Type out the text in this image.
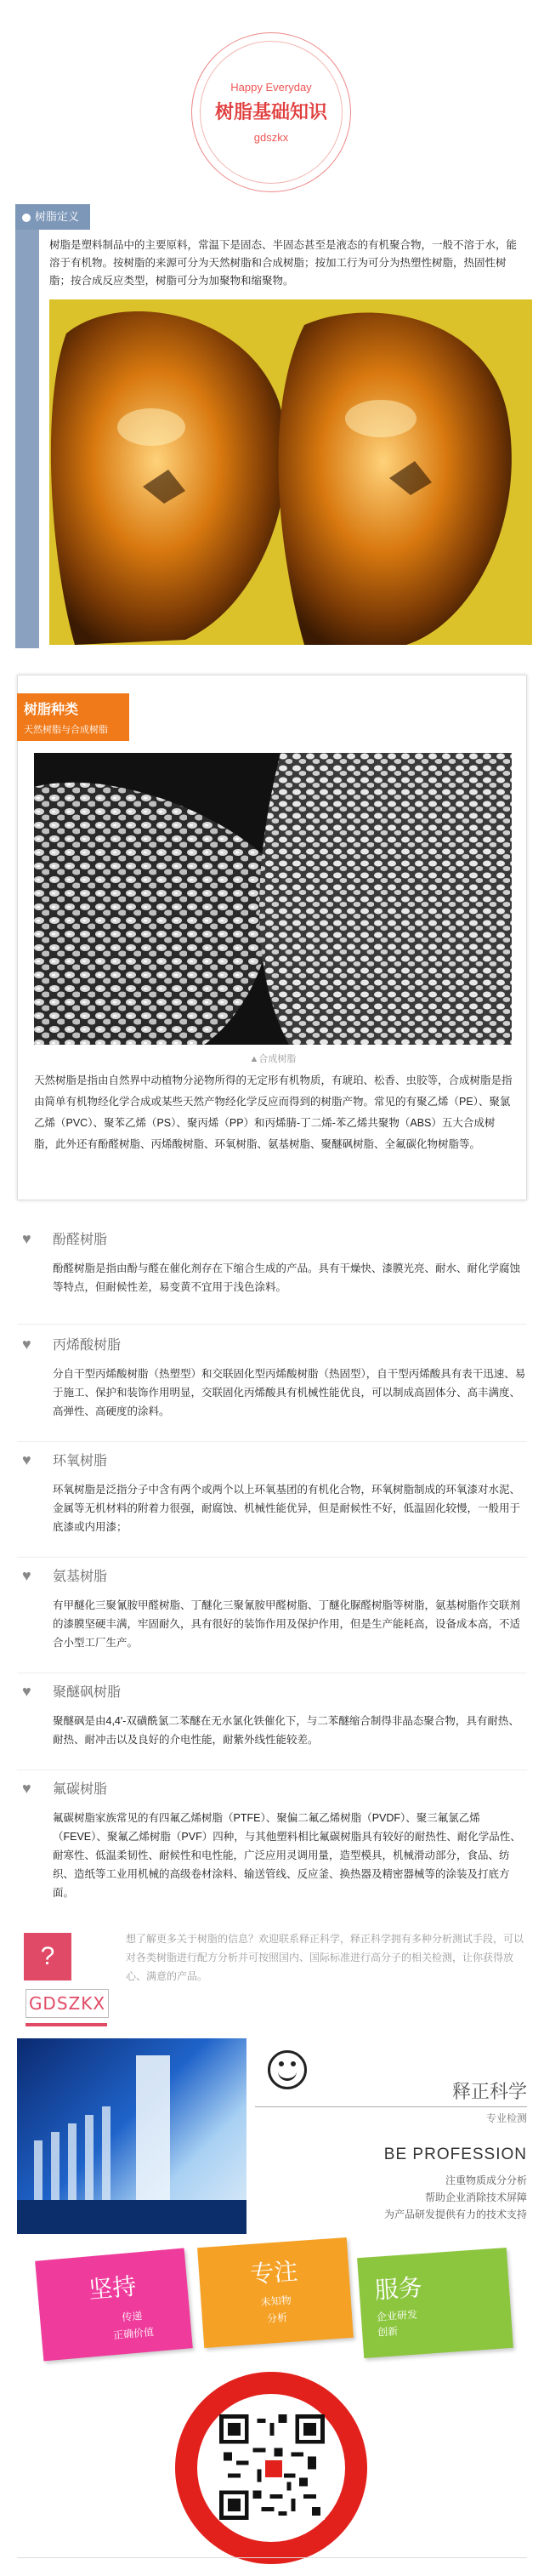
Happy Everyday
树脂基础知识
gdszkx
树脂定义
树脂是塑料制品中的主要原料，常温下是固态、半固态甚至是液态的有机聚合物，一般不溶于水，能溶于有机物。按树脂的来源可分为天然树脂和合成树脂；按加工行为可分为热塑性树脂，热固性树脂；按合成反应类型，树脂可分为加聚物和缩聚物。
树脂种类
天然树脂与合成树脂
▲合成树脂
天然树脂是指由自然界中动植物分泌物所得的无定形有机物质，有琥珀、松香、虫胶等，合成树脂是指由简单有机物经化学合成或某些天然产物经化学反应而得到的树脂产物。常见的有聚乙烯（PE）、聚氯乙烯（PVC）、聚苯乙烯（PS）、聚丙烯（PP）和丙烯腈-丁二烯-苯乙烯共聚物（ABS）五大合成树脂，此外还有酚醛树脂、丙烯酸树脂、环氧树脂、氨基树脂、聚醚砜树脂、全氟碳化物树脂等。
♥ 酚醛树脂
酚醛树脂是指由酚与醛在催化剂存在下缩合生成的产品。具有干燥快、漆膜光亮、耐水、耐化学腐蚀等特点，但耐候性差，易变黄不宜用于浅色涂料。
♥ 丙烯酸树脂
分自干型丙烯酸树脂（热塑型）和交联固化型丙烯酸树脂（热固型），自干型丙烯酸具有表干迅速、易于施工、保护和装饰作用明显，交联固化丙烯酸具有机械性能优良，可以制成高固体分、高丰满度、高弹性、高硬度的涂料。
♥ 环氧树脂
环氧树脂是泛指分子中含有两个或两个以上环氧基团的有机化合物，环氧树脂制成的环氧漆对水泥、金属等无机材料的附着力很强，耐腐蚀、机械性能优异，但是耐候性不好，低温固化较慢，一般用于底漆或内用漆；
♥ 氨基树脂
有甲醚化三聚氰胺甲醛树脂、丁醚化三聚氰胺甲醛树脂、丁醚化脲醛树脂等树脂，氨基树脂作交联剂的漆膜坚硬丰满，牢固耐久，具有很好的装饰作用及保护作用，但是生产能耗高，设备成本高，不适合小型工厂生产。
♥ 聚醚砜树脂
聚醚砜是由4,4'-双磺酰氯二苯醚在无水氯化铁催化下，与二苯醚缩合制得非晶态聚合物，具有耐热、耐热、耐冲击以及良好的介电性能，耐紫外线性能较差。
♥ 氟碳树脂
氟碳树脂家族常见的有四氟乙烯树脂（PTFE）、聚偏二氟乙烯树脂（PVDF）、聚三氟氯乙烯（FEVE）、聚氟乙烯树脂（PVF）四种，与其他塑料相比氟碳树脂具有较好的耐热性、耐化学品性、耐寒性、低温柔韧性、耐候性和电性能，广泛应用灵调用量，造型模具，机械滑动部分，食品、纺织、造纸等工业用机械的高级卷材涂料、输送管线、反应釜、换热器及精密器械等的涂装及打底方面。
?
想了解更多关于树脂的信息？欢迎联系释正科学，释正科学拥有多种分析测试手段，可以对各类树脂进行配方分析并可按照国内、国际标准进行高分子的相关检测，让你获得放心、满意的产品。
GDSZKX
释正科学
专业检测
BE PROFESSION
注重物质成分分析
帮助企业消除技术屏障
为产品研发提供有力的技术支持
坚持
传递
正确价值
专注
未知物
分析
服务
企业研发
创新
